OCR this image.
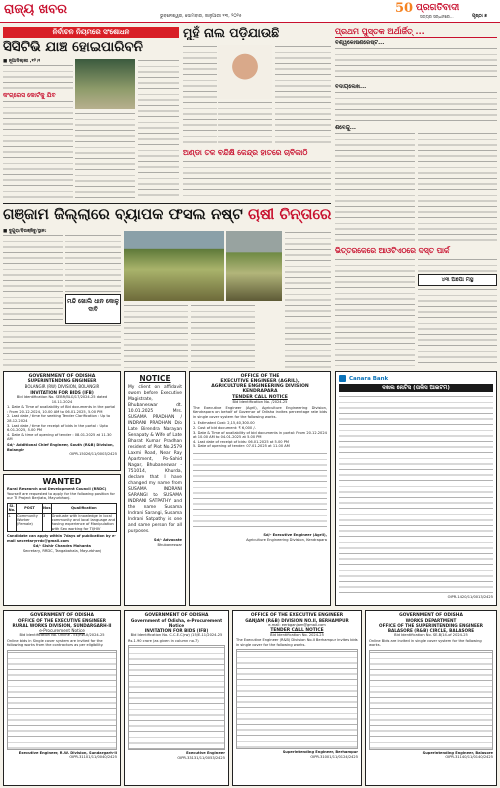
ରାଜ୍ୟ ଖବର	ଭୁବନେଶ୍ୱର, ସୋମବାର, ଜାନୁଆରୀ ୧୩, ୨୦୨୫
50 ପ୍ରଗତିବାଦୀ
ସତ୍ୟର ସନ୍ଧାନରେ...	ପୃଷ୍ଠା ୭
ନିର୍ବାଚନ ନିୟମରେ ସଂଶୋଧନ
ସିସିଟିଭି ଯାଞ୍ଚ ହୋଇପାରିବନି
■ ନୂଆଦିଲ୍ଲୀ ,୧୨।୧
କଂଗ୍ରେସ କୋର୍ଟକୁ ଯିବ
ମୁହଁ ନାଲ ପଡ଼ିଯାଉଛି
ଅଣ୍ଡା ତଳ ବନ୍ଦିକ୍ଷି କେନ୍ଦ୍ର ହାତରେ ଚାବିକାଠି
ପ୍ରଥମ ପୁସ୍ତକ ଅର୍ଥାର୍ଜିତ୍ ...
ବିଶ୍ୱକୋଷଣରେଷ୍ଟ...
ବିଦାୟଲେଖ...
ଶିବେନ୍ଦୁ...
ଗଞ୍ଜାମ ଜିଲ୍ଲାରେ ବ୍ୟାପକ ଫସଲ ନଷ୍ଟ ଚାଷୀ ଚିନ୍ତାରେ
■ ଦୁଗୁରା/ବିରଞ୍ଜିବୁ/ସ୍ଥାନ:
ମନ୍ଦି ଖୋଲି ଧାନ କୋଳୁ ଦାବି
ଭିତ୍ତରକେରେ ଆଓଟିଏଠରେ ଦସ୍ତ ପାର୍କ
୪୩ ଅପୋ ମସ୍ଥ
GOVERNMENT OF ODISHA
SUPERINTENDING ENGINEER
BOLANGIR (RW) DIVISION, BOLANGIR
INVITATION FOR BIDS (IFB)
Bid Identification No. SEBR/BLG/17/2024-25 dated 10.11.2024
1. Date & Time of availability of Bid documents in the portal : From 20.12.2024, 10.00 AM to 06.01.2025, 5.00 PM
2. Last date / time for seeking Tender Clarification : Up to 28.12.2024
3. Last date / time for receipt of bids in the portal : Upto 6.01.2025, 5.00 PM
4. Date & time of opening of tender : 08.01.2025 at 11.30 AM
Sd/- Additional Chief Engineer, South (R&B) Division, Bolangir
OIPR-15026/11/0003/2425
WANTED
Rural Research and Development Council (RRDC)
Yourself are requested to apply for the following position for our TI Project Berjiata, Mayurbhanj.
Sl. No.	POST	Nos	Qualification
1.	Community Worker (Female)	3	Graduate with knowledge in local community and local language and having experience of Manipulation with Sex working for TI/HIV
Candidate can apply within 7days of publication by e-mail secretaryrrdc@gmail.com
Sd/- Sishir Chandra Mohanta
Secretary, RRDC, Tangabahala, Mayurbhanj
NOTICE
My client on affidavit sworn before Executive Magistrate, Bhubaneswar dt. 10.01.2025 Mrs. SUSAMA PRADHAN / INDRANI PRADHAN D/o Late Birendra Narayan Senapaty & Wife of Late Bharat Kumar Pradhan resident of Plot No.2579 Laxmi Road, Near Ray Apartment, Po-Sahid Nagar, Bhubaneswar - 751014, Khurda, declare that I have changed my name from SUSAMA INDRANI SARANGI to SUSAMA INDRANI SATPATHY and the name Susama Indrani Sarangi, Susama Indrani Satpathy is one and same person for all purposes.
Sd/- Advocate
Bhubaneswar
OFFICE OF THE
EXECUTIVE ENGINEER (AGRIL),
AGRICULTURE ENGINEERING DIVISION
KENDRAPARA
TENDER CALL NOTICE
Bid Identification No. /2024-25
The Executive Engineer (Agril), Agriculture Engineering Division, Kendrapara on behalf of Governor of Odisha invites percentage rate bids in single cover system for the following works.
1. Estimated Cost: 2,15,40,300.00
2. Cost of bid document: ₹ 6,000 /-
3. Date & Time of availability of bid documents in portal: From 20.12.2024 at 10.00 AM to 04.01.2025 at 5.00 PM
4. Last date of receipt of bids: 06.01.2025 at 5.00 PM
5. Date of opening of tender: 07.01.2025 at 11.00 AM
Sd/- Executive Engineer (Agril),
Agriculture Engineering Division, Kendrapara
Canara Bank
ଦଖଲ ନୋଟିସ (ତାଳିସ ଆଇଟମ)
OIPR-1420/11/0013/2425
GOVERNMENT OF ODISHA
OFFICE OF THE EXECUTIVE ENGINEER
RURAL WORKS DIVISION, SUNDARGARH-II
e-Procurement Notice
Bid Identification No. Online - EE/RW-II/2024-25
Online bids in Single cover system are invited for the following works from the contractors as per eligibility.
Executive Engineer, R.W. Division, Sundargarh-II
OIPR-31101/11/0040/2425
GOVERNMENT OF ODISHA
Government of Odisha, e-Procurement Notice
INVITATION FOR BIDS (IFB)
Bid Identification No. C.C.E.C(rw) /15/E-11/2024-25
Rs.1.90 crore (as given in column no.7)
Executive Engineer
OIPR-33131/11/0053/2425
OFFICE OF THE EXECUTIVE ENGINEER
GANJAM (R&B) DIVISION NO.II, BERHAMPUR
e-mail: eerbganjam@gmail.com
TENDER CALL NOTICE
Bid Identification No. 2024-25
The Executive Engineer (R&B) Division No.II Berhampur invites bids in single cover for the following works.
Superintending Engineer, Berhampur
OIPR-31001/11/0124/2425
GOVERNMENT OF ODISHA
WORKS DEPARTMENT
OFFICE OF THE SUPERINTENDING ENGINEER
BALASORE (R&B) CIRCLE, BALASORE
Bid Identification No. SE-B/14-of 2024-25
Online Bids are invited in single cover system for the following works.
Superintending Engineer, Balasore
OIPR-31140/11/0140/2425
